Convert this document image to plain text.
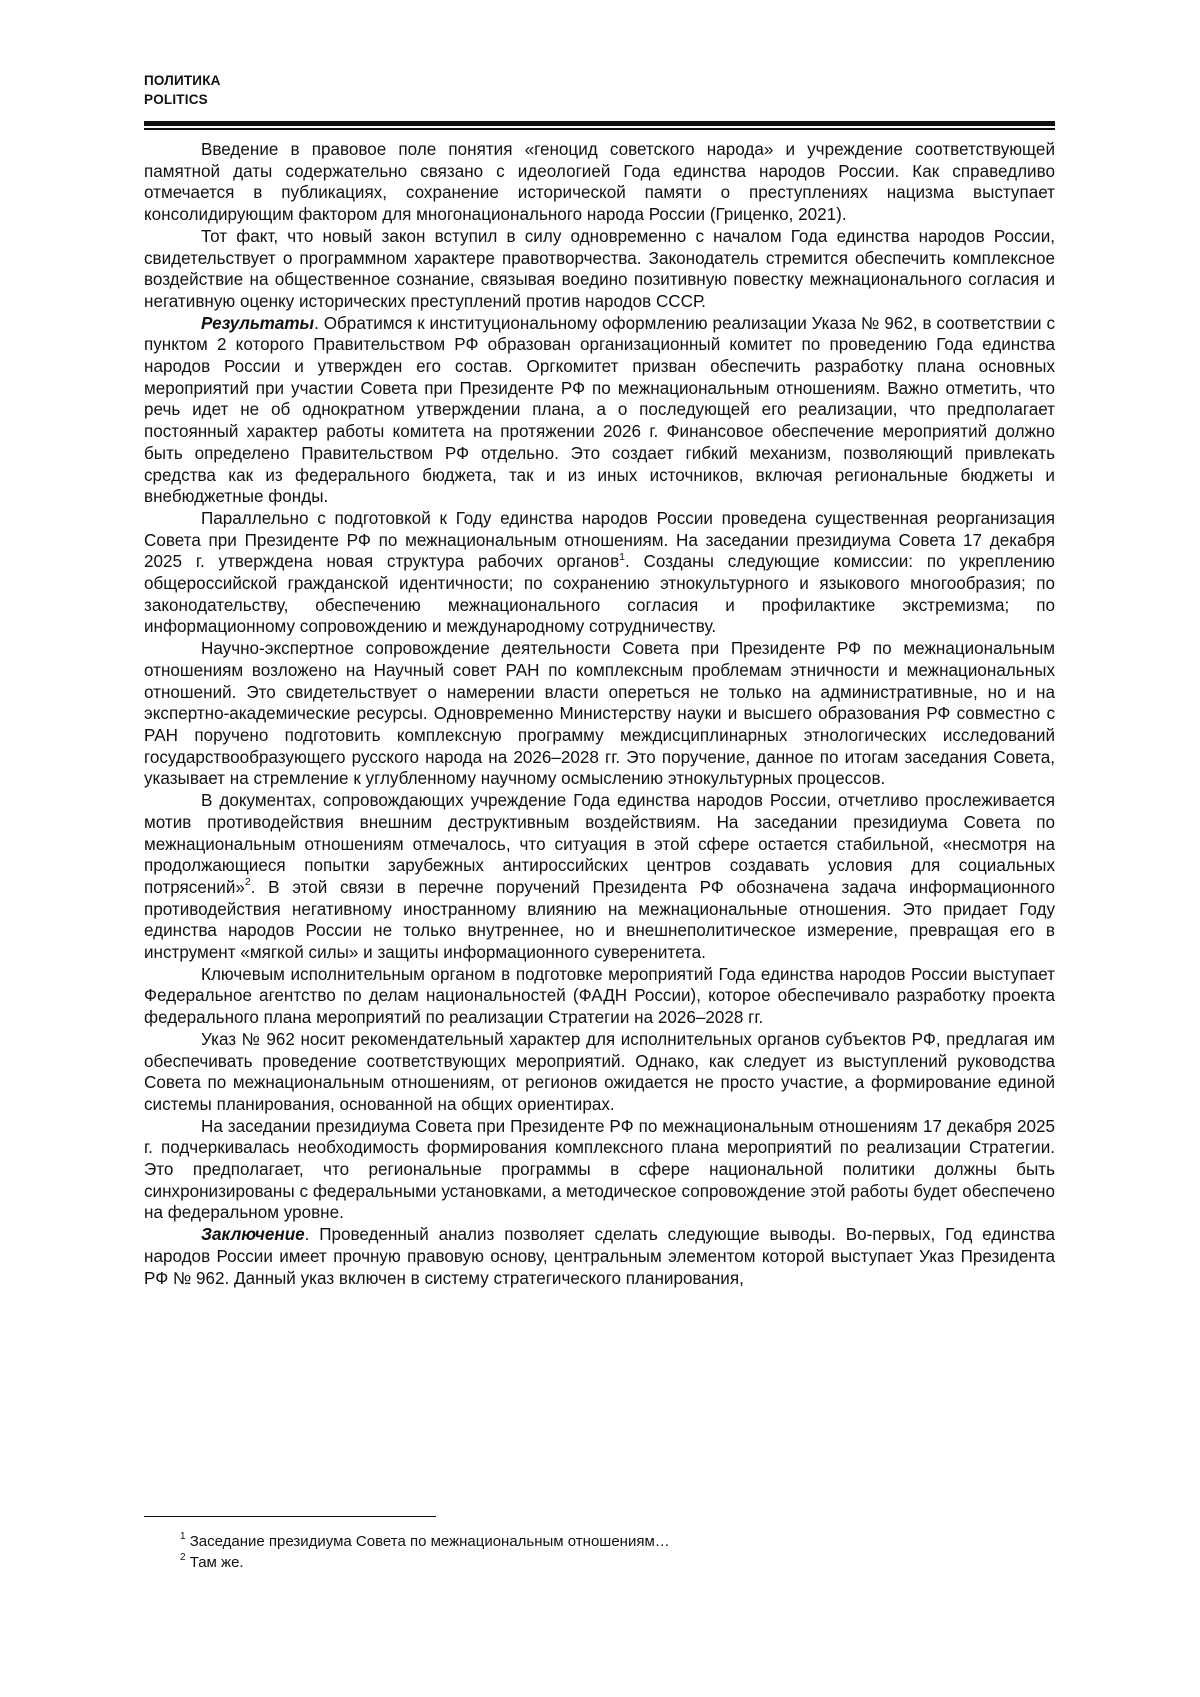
ПОЛИТИКА
POLITICS

Введение в правовое поле понятия «геноцид советского народа» и учреждение соответствующей памятной даты содержательно связано с идеологией Года единства народов России. Как справедливо отмечается в публикациях, сохранение исторической памяти о преступлениях нацизма выступает консолидирующим фактором для многонационального народа России (Гриценко, 2021).

Тот факт, что новый закон вступил в силу одновременно с началом Года единства народов России, свидетельствует о программном характере правотворчества. Законодатель стремится обеспечить комплексное воздействие на общественное сознание, связывая воедино позитивную повестку межнационального согласия и негативную оценку исторических преступлений против народов СССР.

Результаты. Обратимся к институциональному оформлению реализации Указа № 962, в соответствии с пунктом 2 которого Правительством РФ образован организационный комитет по проведению Года единства народов России и утвержден его состав. Оргкомитет призван обеспечить разработку плана основных мероприятий при участии Совета при Президенте РФ по межнациональным отношениям. Важно отметить, что речь идет не об однократном утверждении плана, а о последующей его реализации, что предполагает постоянный характер работы комитета на протяжении 2026 г. Финансовое обеспечение мероприятий должно быть определено Правительством РФ отдельно. Это создает гибкий механизм, позволяющий привлекать средства как из федерального бюджета, так и из иных источников, включая региональные бюджеты и внебюджетные фонды.

Параллельно с подготовкой к Году единства народов России проведена существенная реорганизация Совета при Президенте РФ по межнациональным отношениям. На заседании президиума Совета 17 декабря 2025 г. утверждена новая структура рабочих органов$^1$. Созданы следующие комиссии: по укреплению общероссийской гражданской идентичности; по сохранению этнокультурного и языкового многообразия; по законодательству, обеспечению межнационального согласия и профилактике экстремизма; по информационному сопровождению и международному сотрудничеству.

Научно-экспертное сопровождение деятельности Совета при Президенте РФ по межнациональным отношениям возложено на Научный совет РАН по комплексным проблемам этничности и межнациональных отношений. Это свидетельствует о намерении власти опереться не только на административные, но и на экспертно-академические ресурсы. Одновременно Министерству науки и высшего образования РФ совместно с РАН поручено подготовить комплексную программу междисциплинарных этнологических исследований государствообразующего русского народа на 2026–2028 гг. Это поручение, данное по итогам заседания Совета, указывает на стремление к углубленному научному осмыслению этнокультурных процессов.

В документах, сопровождающих учреждение Года единства народов России, отчетливо прослеживается мотив противодействия внешним деструктивным воздействиям. На заседании президиума Совета по межнациональным отношениям отмечалось, что ситуация в этой сфере остается стабильной, «несмотря на продолжающиеся попытки зарубежных антироссийских центров создавать условия для социальных потрясений»$^2$. В этой связи в перечне поручений Президента РФ обозначена задача информационного противодействия негативному иностранному влиянию на межнациональные отношения. Это придает Году единства народов России не только внутреннее, но и внешнеполитическое измерение, превращая его в инструмент «мягкой силы» и защиты информационного суверенитета.

Ключевым исполнительным органом в подготовке мероприятий Года единства народов России выступает Федеральное агентство по делам национальностей (ФАДН России), которое обеспечивало разработку проекта федерального плана мероприятий по реализации Стратегии на 2026–2028 гг.

Указ № 962 носит рекомендательный характер для исполнительных органов субъектов РФ, предлагая им обеспечивать проведение соответствующих мероприятий. Однако, как следует из выступлений руководства Совета по межнациональным отношениям, от регионов ожидается не просто участие, а формирование единой системы планирования, основанной на общих ориентирах.

На заседании президиума Совета при Президенте РФ по межнациональным отношениям 17 декабря 2025 г. подчеркивалась необходимость формирования комплексного плана мероприятий по реализации Стратегии. Это предполагает, что региональные программы в сфере национальной политики должны быть синхронизированы с федеральными установками, а методическое сопровождение этой работы будет обеспечено на федеральном уровне.

Заключение. Проведенный анализ позволяет сделать следующие выводы. Во-первых, Год единства народов России имеет прочную правовую основу, центральным элементом которой выступает Указ Президента РФ № 962. Данный указ включен в систему стратегического планирования,

$^1$ Заседание президиума Совета по межнациональным отношениям…
$^2$ Там же.
